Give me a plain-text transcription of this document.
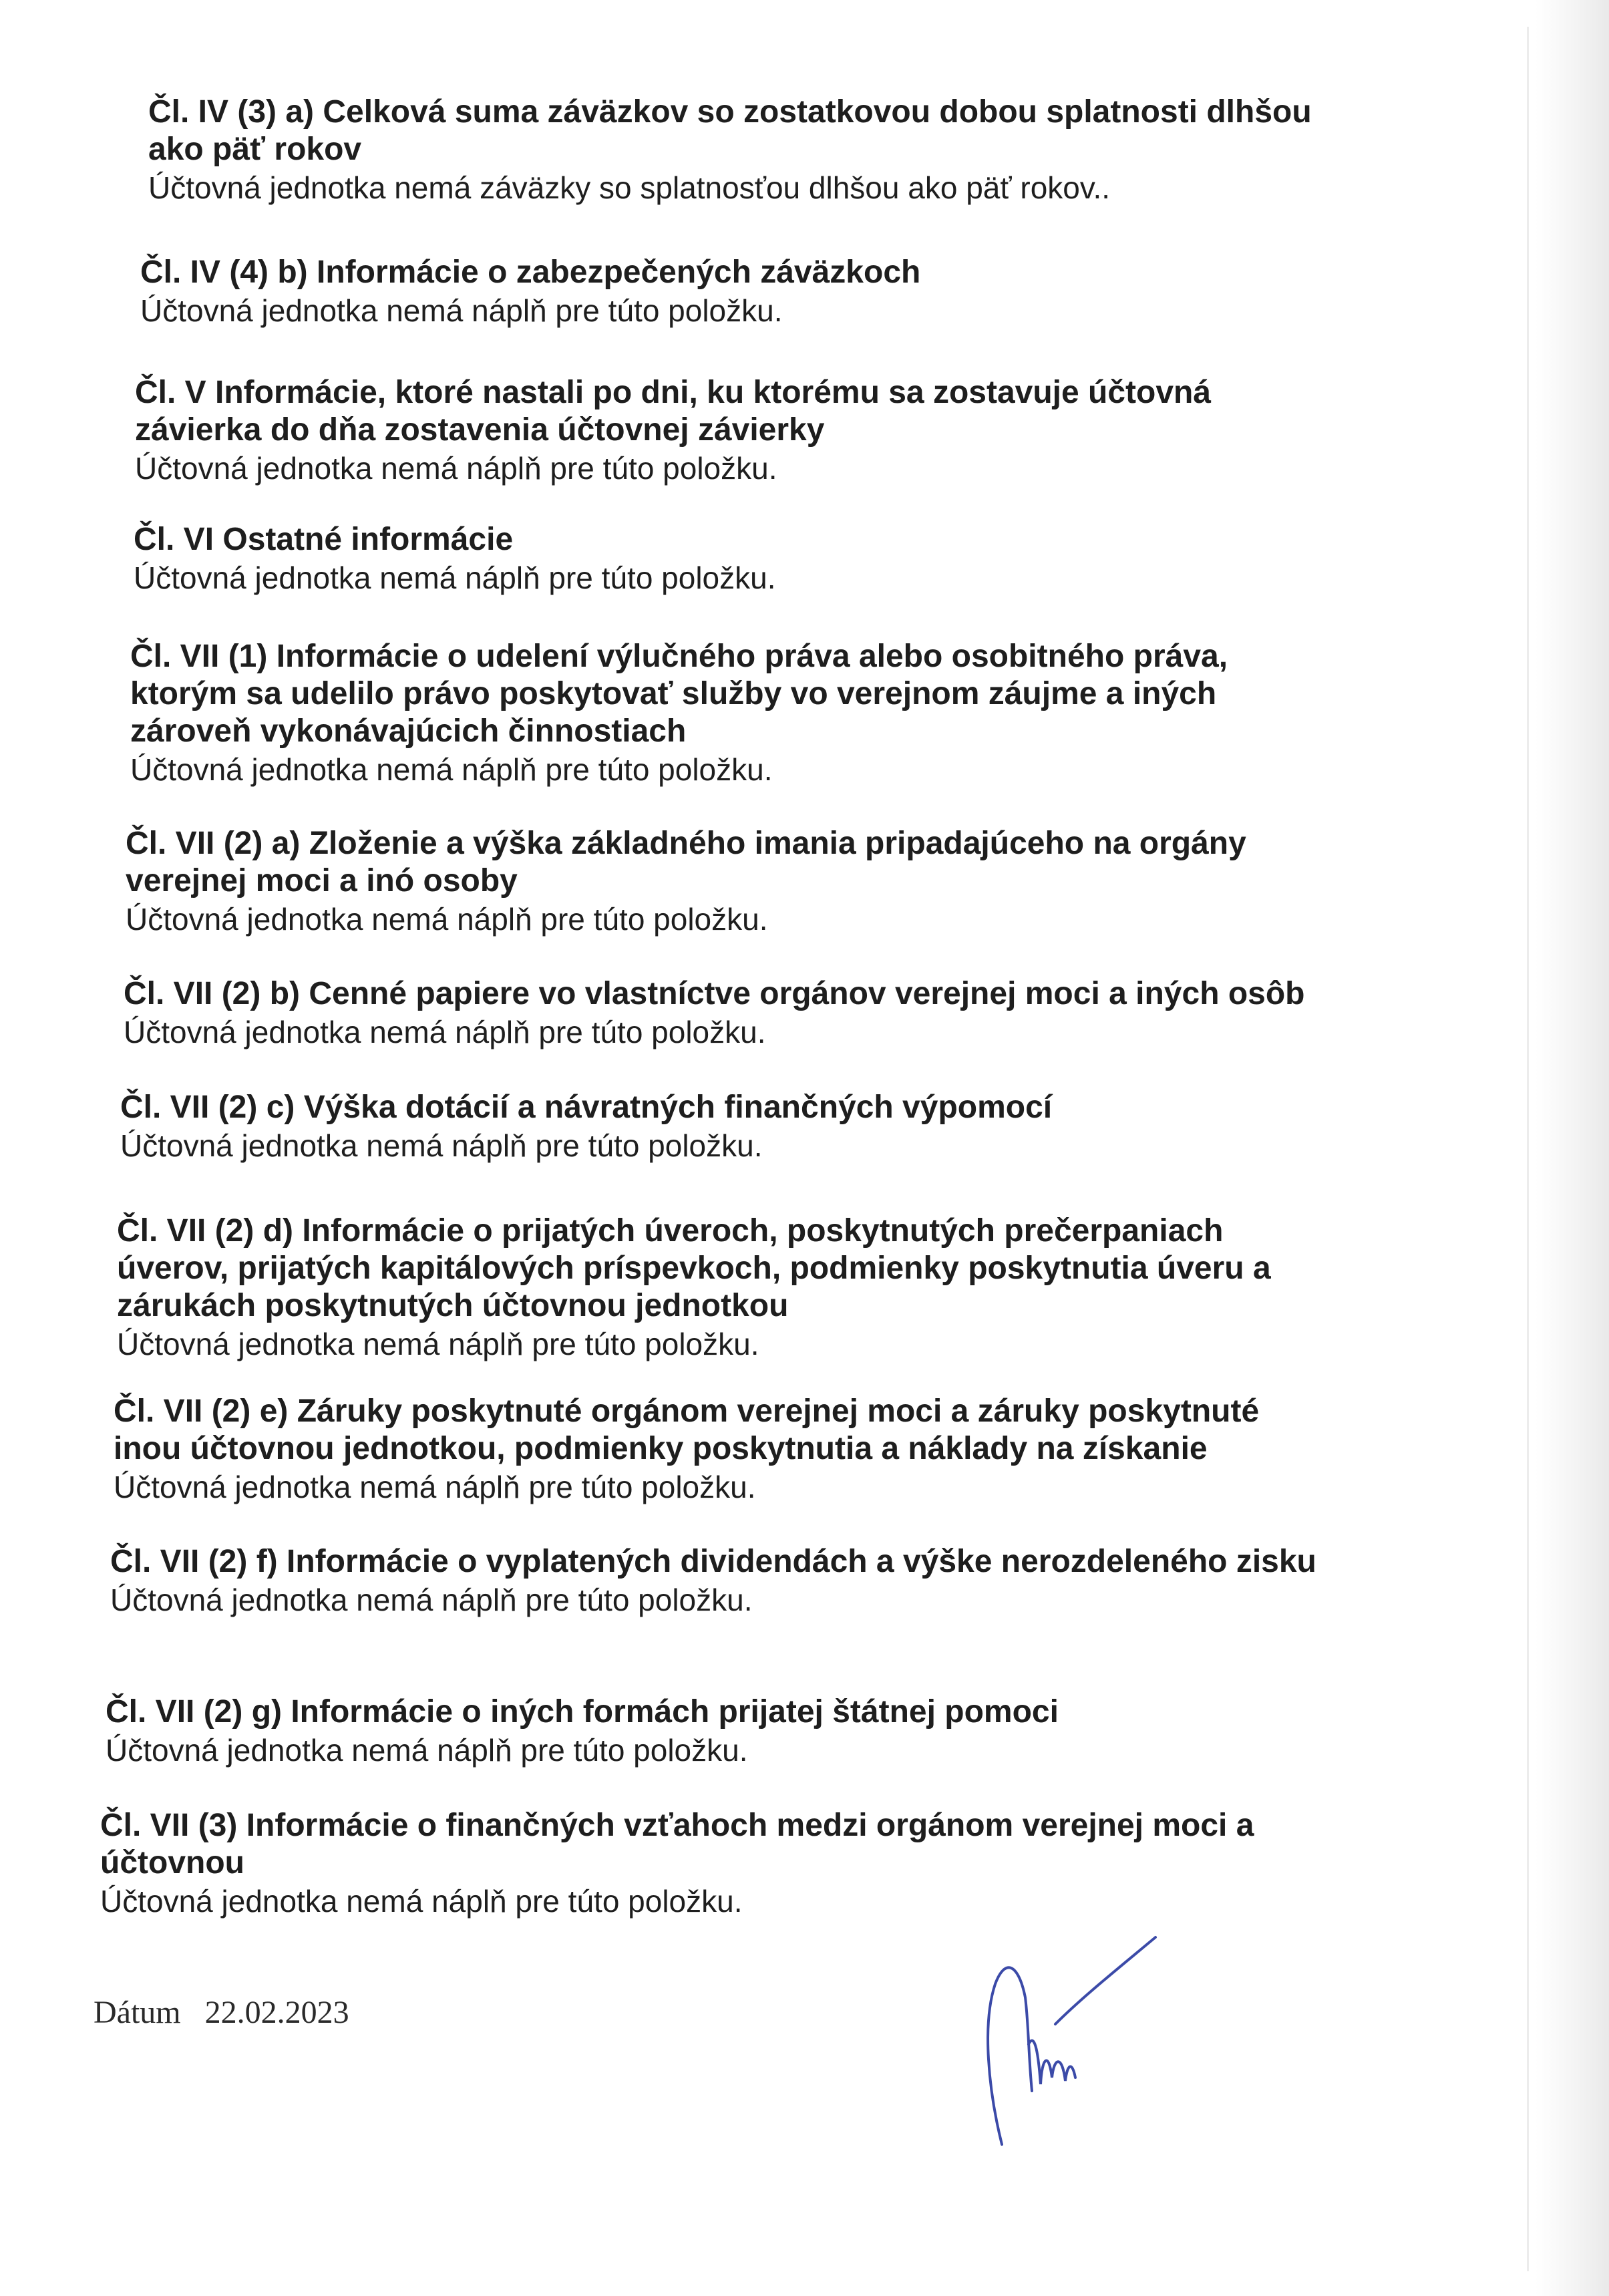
Čl. IV (3) a) Celková suma záväzkov so zostatkovou dobou splatnosti dlhšou ako päť rokov

Účtovná jednotka nemá záväzky so splatnosťou dlhšou ako päť rokov..

Čl. IV (4) b) Informácie o zabezpečených záväzkoch

Účtovná jednotka nemá náplň pre túto položku.

Čl. V Informácie, ktoré nastali po dni, ku ktorému sa zostavuje účtovná závierka do dňa zostavenia účtovnej závierky

Účtovná jednotka nemá náplň pre túto položku.

Čl. VI Ostatné informácie

Účtovná jednotka nemá náplň pre túto položku.

Čl. VII (1) Informácie o udelení výlučného práva alebo osobitného práva, ktorým sa udelilo právo poskytovať služby vo verejnom záujme a iných zároveň vykonávajúcich činnostiach

Účtovná jednotka nemá náplň pre túto položku.

Čl. VII (2) a) Zloženie a výška základného imania pripadajúceho na orgány verejnej moci a inó osoby

Účtovná jednotka nemá náplň pre túto položku.

Čl. VII (2) b) Cenné papiere vo vlastníctve orgánov verejnej moci a iných osôb

Účtovná jednotka nemá náplň pre túto položku.

Čl. VII (2) c) Výška dotácií a návratných finančných výpomocí

Účtovná jednotka nemá náplň pre túto položku.

Čl. VII (2) d) Informácie o prijatých úveroch, poskytnutých prečerpaniach úverov, prijatých kapitálových príspevkoch, podmienky poskytnutia úveru a zárukách poskytnutých účtovnou jednotkou

Účtovná jednotka nemá náplň pre túto položku.

Čl. VII (2) e) Záruky poskytnuté orgánom verejnej moci a záruky poskytnuté inou účtovnou jednotkou, podmienky poskytnutia a náklady na získanie

Účtovná jednotka nemá náplň pre túto položku.

Čl. VII (2) f) Informácie o vyplatených dividendách a výške nerozdeleného zisku

Účtovná jednotka nemá náplň pre túto položku.

Čl. VII (2) g) Informácie o iných formách prijatej štátnej pomoci

Účtovná jednotka nemá náplň pre túto položku.

Čl. VII (3) Informácie o finančných vzťahoch medzi orgánom verejnej moci a účtovnou

Účtovná jednotka nemá náplň pre túto položku.

Dátum 22.02.2023
